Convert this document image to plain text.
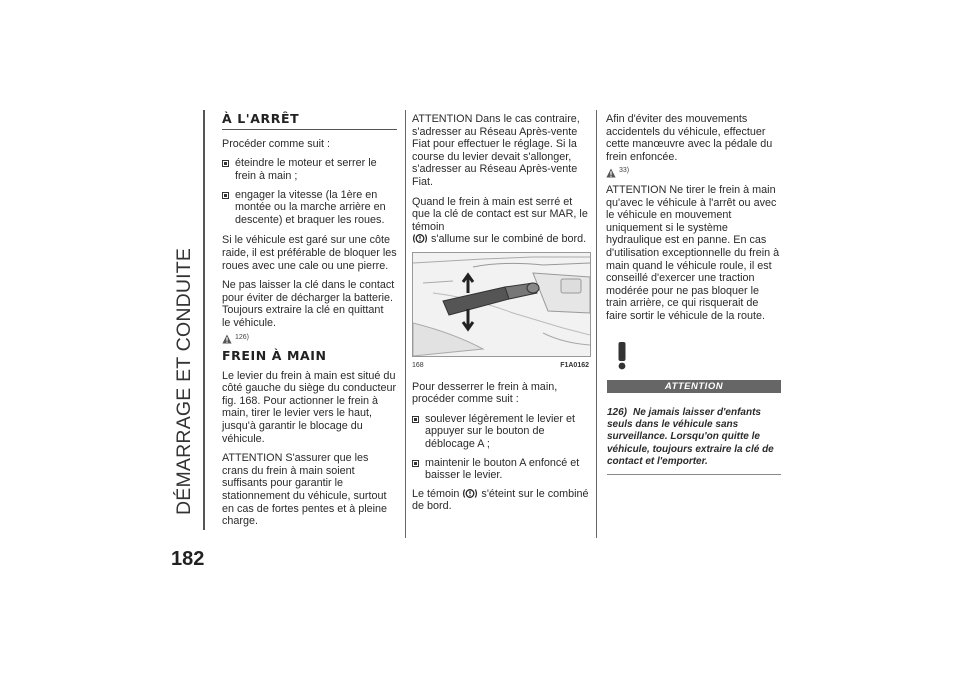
DÉMARRAGE ET CONDUITE
182
À L'ARRÊT

Procéder comme suit :

éteindre le moteur et serrer le frein à main ;
engager la vitesse (la 1ère en montée ou la marche arrière en descente) et braquer les roues.

Si le véhicule est garé sur une côte raide, il est préférable de bloquer les roues avec une cale ou une pierre.

Ne pas laisser la clé dans le contact pour éviter de décharger la batterie. Toujours extraire la clé en quittant
le véhicule.

126)
FREIN À MAIN

Le levier du frein à main est situé du côté gauche du siège du conducteur fig. 168. Pour actionner le frein à main, tirer le levier vers le haut, jusqu'à garantir le blocage du véhicule.

ATTENTION S'assurer que les crans du frein à main soient suffisants pour garantir le stationnement du véhicule, surtout en cas de fortes pentes et à pleine charge.

ATTENTION Dans le cas contraire, s'adresser au Réseau Après-vente Fiat pour effectuer le réglage. Si la course du levier devait s'allonger, s'adresser au Réseau Après-vente Fiat.

Quand le frein à main est serré et que la clé de contact est sur MAR, le témoin
s'allume sur le combiné de bord.

168	F1A0162

Pour desserrer le frein à main, procéder comme suit :

soulever légèrement le levier et appuyer sur le bouton de déblocage A ;
maintenir le bouton A enfoncé et baisser le levier.

Le témoin s'éteint sur le combiné de bord.

Afin d'éviter des mouvements accidentels du véhicule, effectuer cette manœuvre avec la pédale du frein enfoncée.

33)

ATTENTION Ne tirer le frein à main qu'avec le véhicule à l'arrêt ou avec le véhicule en mouvement uniquement si le système hydraulique est en panne. En cas d'utilisation exceptionnelle du frein à main quand le véhicule roule, il est conseillé d'exercer une traction modérée pour ne pas bloquer le train arrière, ce qui risquerait de faire sortir le véhicule de la route.

ATTENTION
126) Ne jamais laisser d'enfants seuls dans le véhicule sans surveillance. Lorsqu'on quitte le véhicule, toujours extraire la clé de contact et l'emporter.
